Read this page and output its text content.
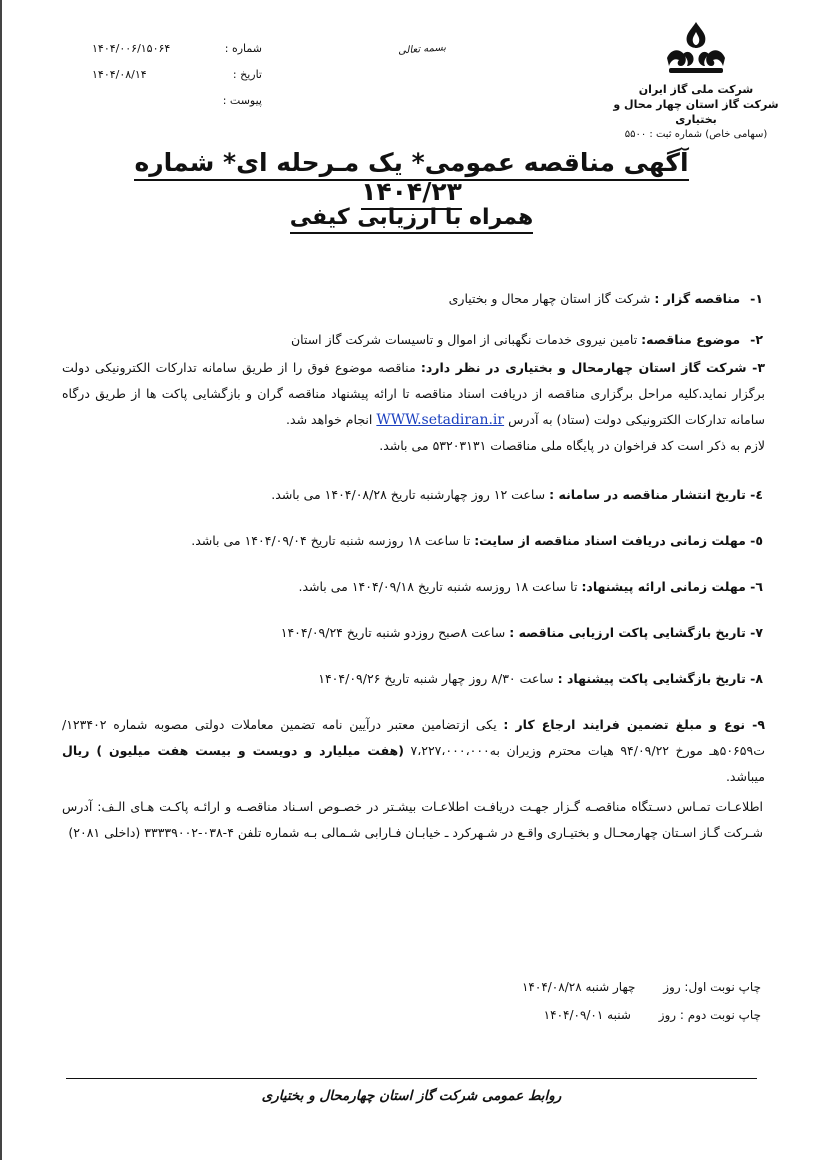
شرکت ملی گاز ایران
شرکت گاز استان چهار محال و بختیاری
(سهامی خاص) شماره ثبت : ۵۵۰۰
بسمه تعالی
شماره :
۱۴۰۴/۰۰۶/۱۵۰۶۴
تاریخ :
۱۴۰۴/۰۸/۱۴
پیوست :
آگهی مناقصه عمومی* یک مـرحله ای* شماره ۱۴۰۴/۲۳
همراه با ارزیابی کیفی
۱- مناقصه گزار : شرکت گاز استان چهار محال و بختیاری
۲- موضوع مناقصه: تامین نیروی خدمات نگهبانی از اموال و تاسیسات شرکت گاز استان
۳- شرکت گاز استان چهارمحال و بختیاری در نظر دارد: مناقصه موضوع فوق را از طریق سامانه تدارکات الکترونیکی دولت برگزار نماید.کلیه مراحل برگزاری مناقصه از دریافت اسناد مناقصه تا ارائه پیشنهاد مناقصه گران و بازگشایی پاکت ها از طریق درگاه سامانه تدارکات الکترونیکی دولت (ستاد) به آدرس WWW.setadiran.ir انجام خواهد شد.
لازم به ذکر است کد فراخوان در پایگاه ملی مناقصات ۵۳۲۰۳۱۳۱ می باشد.
٤- تاریخ انتشار مناقصه در سامانه : ساعت ۱۲ روز چهارشنبه تاریخ ۱۴۰۴/۰۸/۲۸ می باشد.
٥- مهلت زمانی دریافت اسناد مناقصه از سایت: تا ساعت ۱۸ روزسه شنبه تاریخ ۱۴۰۴/۰۹/۰۴ می باشد.
٦- مهلت زمانی ارائه پیشنهاد: تا ساعت ۱۸ روزسه شنبه تاریخ ۱۴۰۴/۰۹/۱۸ می باشد.
۷- تاریخ بازگشایی پاکت ارزیابی مناقصه : ساعت ۸صبح روزدو شنبه تاریخ ۱۴۰۴/۰۹/۲۴
۸- تاریخ بازگشایی پاکت پیشنهاد : ساعت ۸/۳۰ روز چهار شنبه تاریخ ۱۴۰۴/۰۹/۲۶
۹- نوع و مبلغ تضمین فرایند ارجاع کار : یکی ازتضامین معتبر درآیین نامه تضمین معاملات دولتی مصوبه شماره ۱۲۳۴۰۲/ت۵۰۶۵۹هـ مورخ ۹۴/۰۹/۲۲ هیات محترم وزیران به۷،۲۲۷،۰۰۰،۰۰۰ (هفت میلیارد و دویست و بیست هفت میلیون ) ریال میباشد.
اطلاعـات تمـاس دسـتگاه مناقصـه گـزار جهـت دریافـت اطلاعـات بیشـتر در خصـوص اسـناد مناقصـه و ارائـه پاکـت هـای الـف: آدرس شـرکت گـاز اسـتان چهارمحـال و بختیـاری واقـع در شـهرکرد ـ خیابـان فـارابی شـمالی بـه شماره تلفن ۴-۰۳۸-۳۳۳۳۹۰۰۲ (داخلی ۲۰۸۱)
چاپ نوبت اول: روز چهار شنبه ۱۴۰۴/۰۸/۲۸
چاپ نوبت دوم : روز شنبه ۱۴۰۴/۰۹/۰۱
روابط عمومی شرکت گاز استان چهارمحال و بختیاری
